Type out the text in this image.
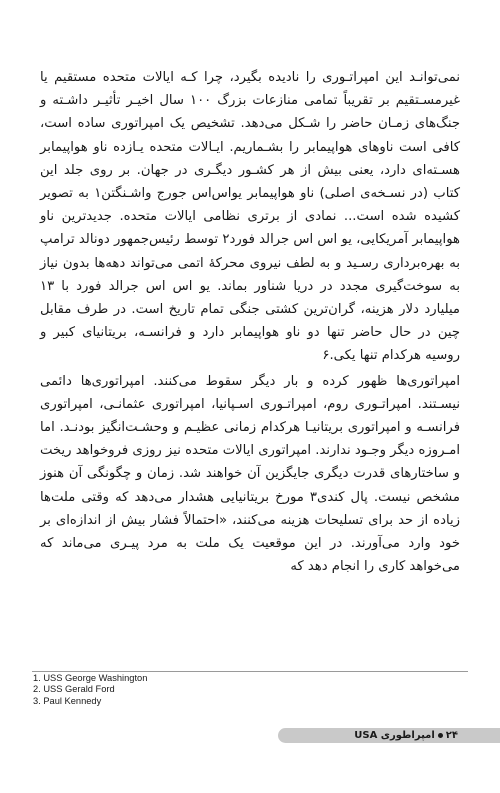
نمی‌توانـد این امپراتـوری را نادیده بگیرد، چرا کـه ایالات متحده مستقیم یا غیرمسـتقیم بر تقریباً تمامی منازعات بزرگ ۱۰۰ سال اخیـر تأثیـر داشـته و جنگ‌های زمـان حاضر را شـکل می‌دهد. تشخیص یک امپراتوری ساده است، کافی است ناوهای هواپیمابر را بشـماریم. ایـالات متحده یـازده ناو هواپیمابر هسـته‌ای دارد، یعنی بیش از هر کشـور دیگـری در جهان. بر روی جلد این کتاب (در نسـخه‌ی اصلی) ناو هواپیمابر یواس‌اس جورج واشـنگتن۱ به تصویر کشیده شده است... نمادی از برتری نظامی ایالات متحده. جدیدترین ناو هواپیمابر آمریکایی، یو اس اس جرالد فورد۲ توسط رئیس‌جمهور دونالد ترامپ به بهره‌برداری رسـید و به لطف نیروی محرکهٔ اتمی می‌تواند دهه‌ها بدون نیاز به سوخت‌گیری مجدد در دریا شناور بماند. یو اس اس جرالد فورد با ۱۳ میلیارد دلار هزینه، گران‌ترین کشتی جنگی تمام تاریخ است. در طرف مقابل چین در حال حاضر تنها دو ناو هواپیمابر دارد و فرانسـه، بریتانیای کبیر و روسیه هرکدام تنها یکی.۶

امپراتوری‌ها ظهور کرده و بار دیگر سقوط می‌کنند. امپراتوری‌ها دائمی نیسـتند. امپراتـوری روم، امپراتـوری اسـپانیا، امپراتوری عثمانـی، امپراتوری فرانسـه و امپراتوری بریتانیـا هرکدام زمانی عظیـم و وحشـت‌انگیز بودنـد. اما امـروزه دیگر وجـود ندارند. امپراتوری ایالات متحده نیز روزی فروخواهد ریخت و ساختارهای قدرت دیگری جایگزین آن خواهند شد. زمان و چگونگی آن هنوز مشخص نیست. پال کندی۳ مورخ بریتانیایی هشدار می‌دهد که وقتی ملت‌ها زیاده از حد برای تسلیحات هزینه می‌کنند، «احتمالاً فشار بیش از اندازه‌ای بر خود وارد می‌آورند. در این موقعیت یک ملت به مرد پیـری می‌ماند که می‌خواهد کاری را انجام دهد که

1. USS George Washington
2. USS Gerald Ford
3. Paul Kennedy
۲۴امپراطوری USA
